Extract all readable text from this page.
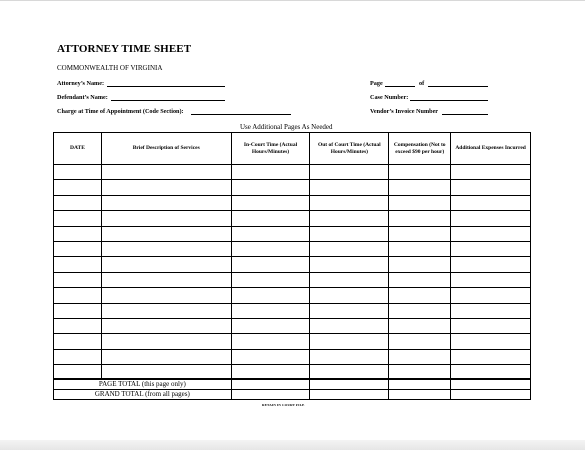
ATTORNEY TIME SHEET
COMMONWEALTH OF VIRGINIA
Attorney’s Name:
Defendant’s Name:
Charge at Time of Appointment (Code Section):
Page	of
Case Number:
Vendor’s Invoice Number
Use Additional Pages As Needed
DATE	Brief Description of Services	In-Court Time (Actual Hours/Minutes)	Out of Court Time (Actual Hours/Minutes)	Compensation (Not to exceed $90 per hour)	Additional Expenses Incurred

PAGE TOTAL (this page only)				
GRAND TOTAL (from all pages)				
RETAIN IN COURT FILE
